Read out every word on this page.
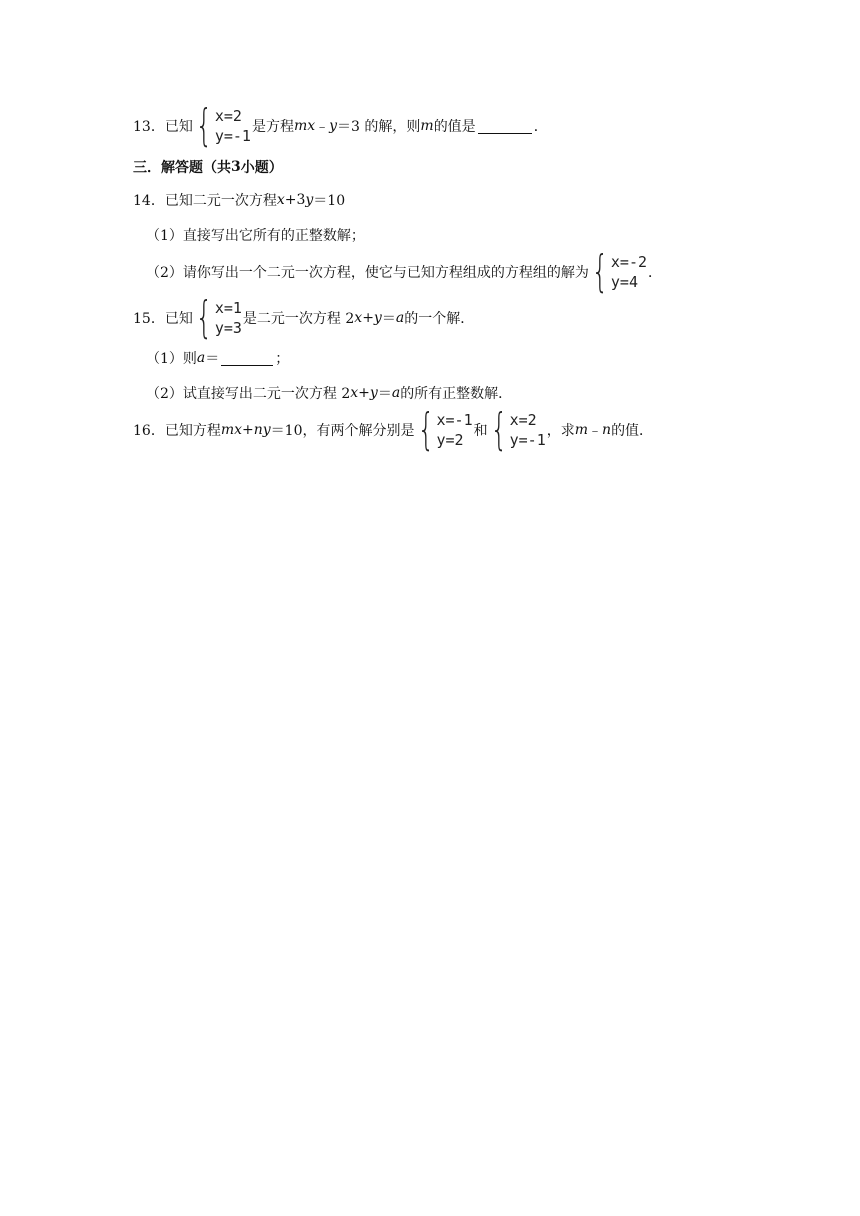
13． 已知 { x=2
y=-1 是方程 mx ﹣ y ＝3 的解，则 m 的值是	．
三．解答题（共 3 小题）
14． 已知二元一次方程 x +3 y ＝10
（1）直接写出它所有的正整数解；
（2）请你写出一个二元一次方程，使它与已知方程组成的方程组的解为 { x=-2
y=4 ．
15． 已知 { x=1
y=3 是二元一次方程 2 x + y ＝ a 的一个解．
（1）则 a ＝	；
（2）试直接写出二元一次方程 2 x + y ＝ a 的所有正整数解．
16． 已知方程 mx + ny ＝10，有两个解分别是 { x=-1
y=2 和 { x=2
y=-1 ，求 m ﹣ n 的值．
